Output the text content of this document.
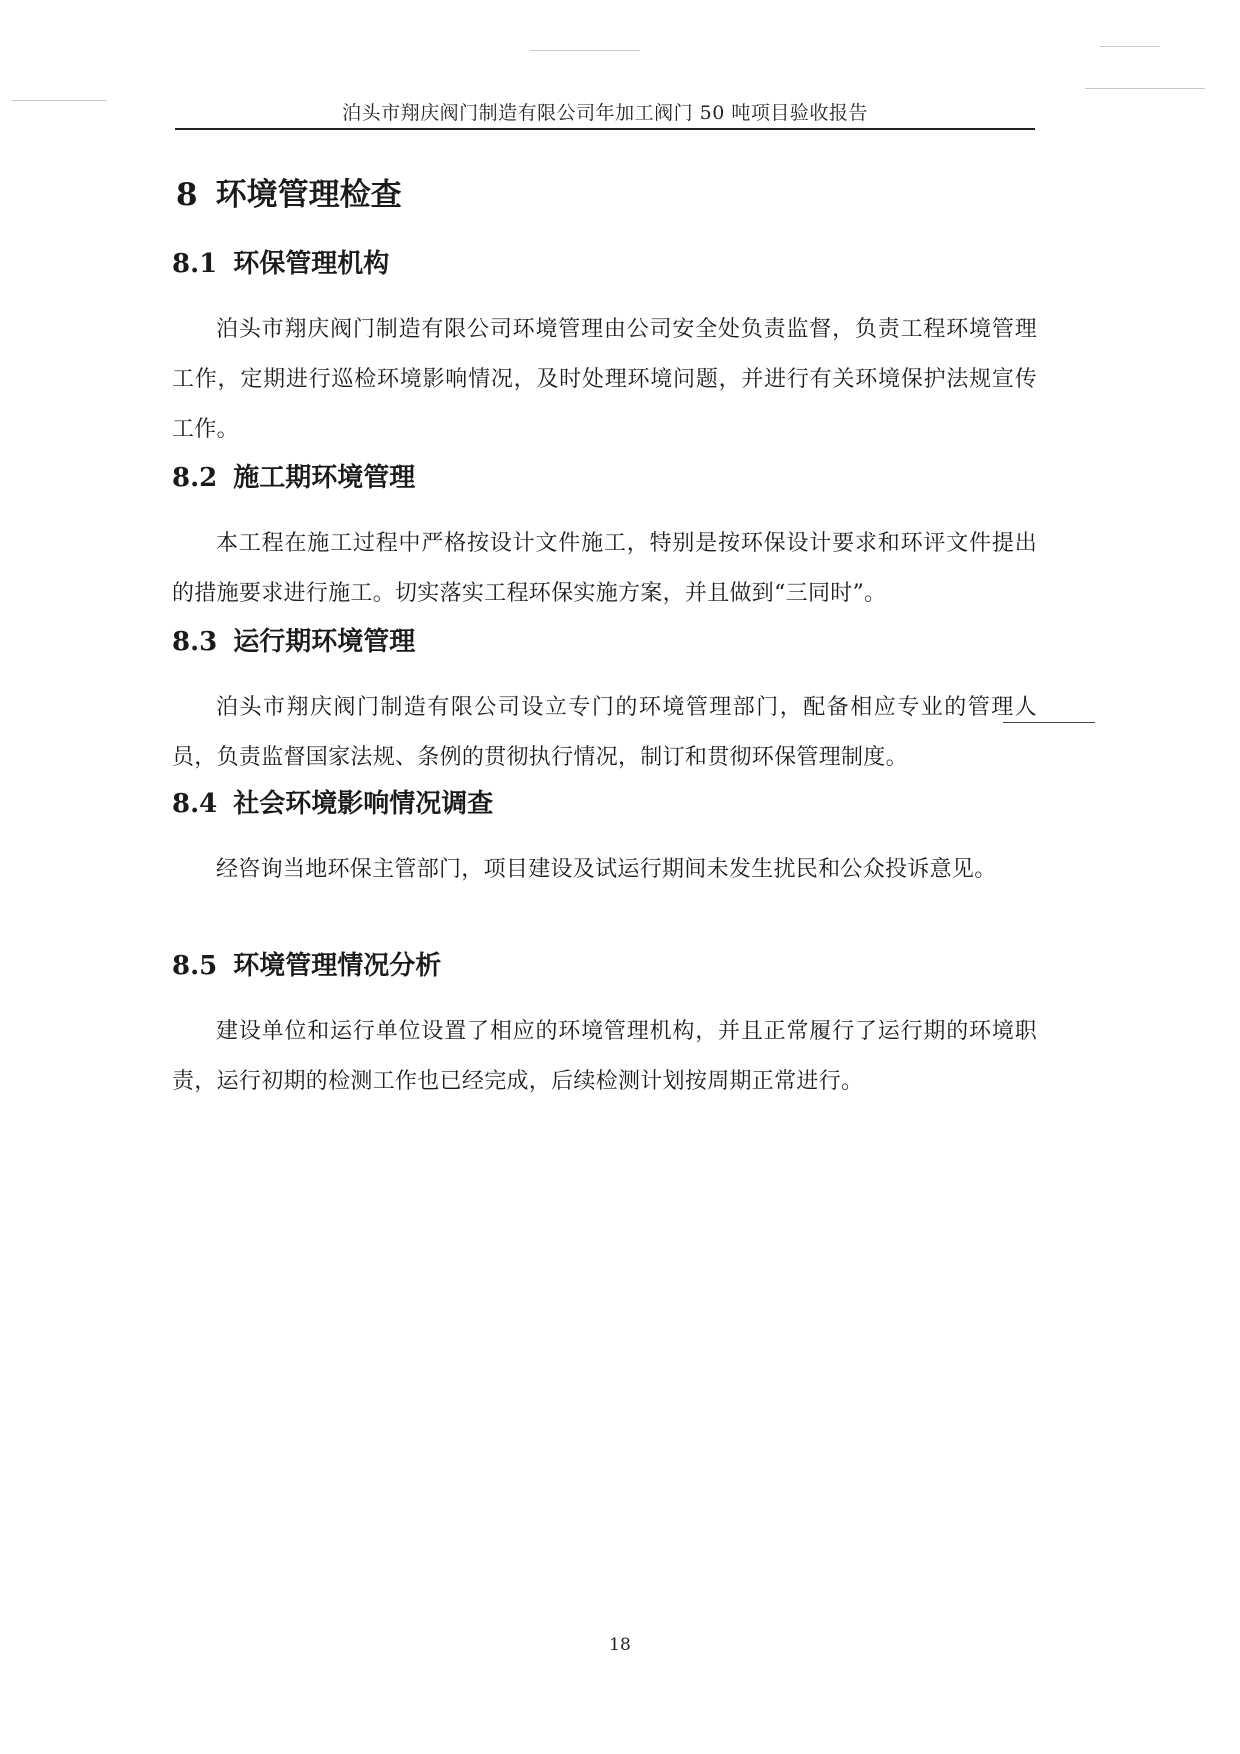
泊头市翔庆阀门制造有限公司年加工阀门 50 吨项目验收报告
8 环境管理检查
8.1 环保管理机构
泊头市翔庆阀门制造有限公司环境管理由公司安全处负责监督，负责工程环境管理工作，定期进行巡检环境影响情况，及时处理环境问题，并进行有关环境保护法规宣传工作。
8.2 施工期环境管理
本工程在施工过程中严格按设计文件施工，特别是按环保设计要求和环评文件提出的措施要求进行施工。切实落实工程环保实施方案，并且做到“三同时”。
8.3 运行期环境管理
泊头市翔庆阀门制造有限公司设立专门的环境管理部门，配备相应专业的管理人员，负责监督国家法规、条例的贯彻执行情况，制订和贯彻环保管理制度。
8.4 社会环境影响情况调查
经咨询当地环保主管部门，项目建设及试运行期间未发生扰民和公众投诉意见。
8.5 环境管理情况分析
建设单位和运行单位设置了相应的环境管理机构，并且正常履行了运行期的环境职责，运行初期的检测工作也已经完成，后续检测计划按周期正常进行。
18
